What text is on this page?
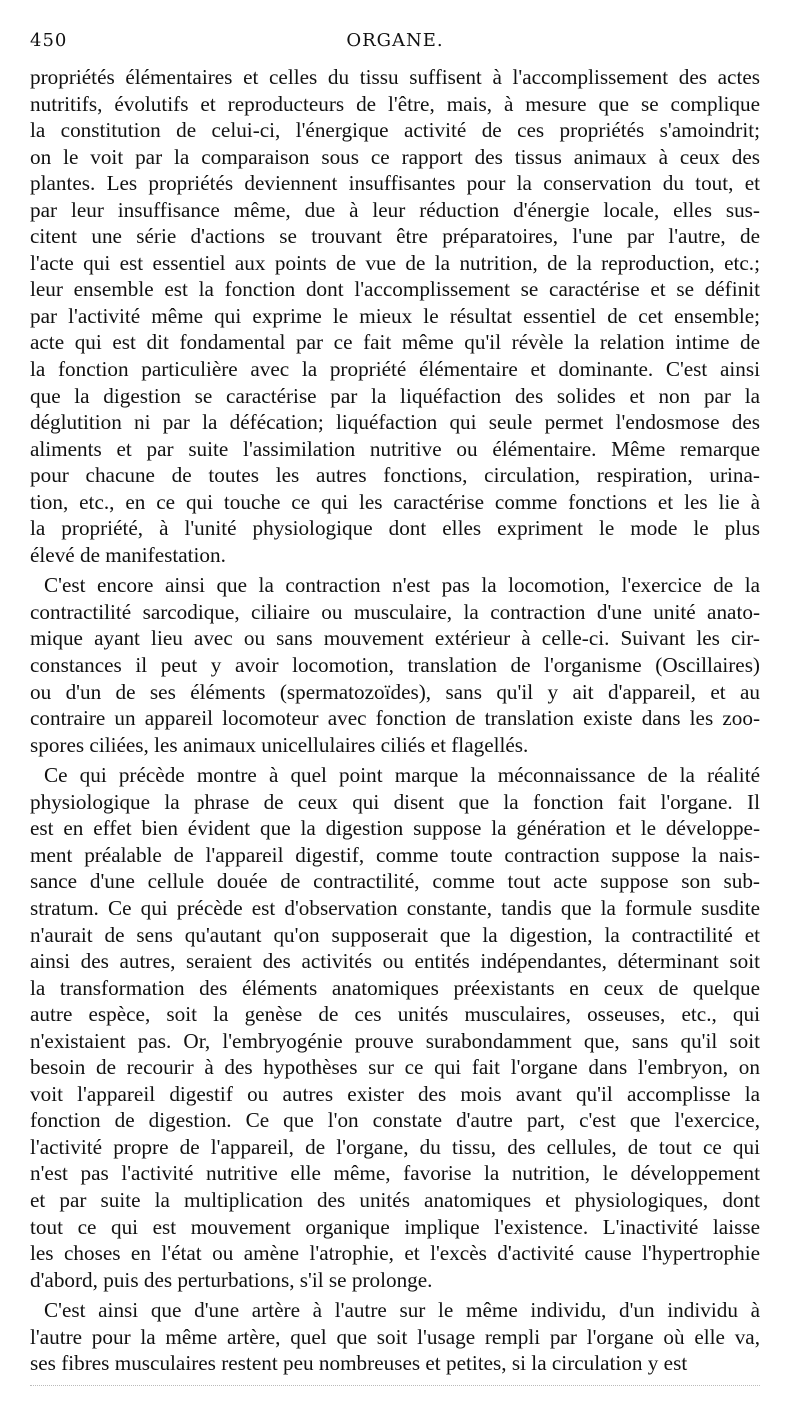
450	ORGANE.
propriétés élémentaires et celles du tissu suffisent à l'accomplissement des actes
nutritifs, évolutifs et reproducteurs de l'être, mais, à mesure que se complique
la constitution de celui-ci, l'énergique activité de ces propriétés s'amoindrit;
on le voit par la comparaison sous ce rapport des tissus animaux à ceux des
plantes. Les propriétés deviennent insuffisantes pour la conservation du tout, et
par leur insuffisance même, due à leur réduction d'énergie locale, elles sus-
citent une série d'actions se trouvant être préparatoires, l'une par l'autre, de
l'acte qui est essentiel aux points de vue de la nutrition, de la reproduction, etc.;
leur ensemble est la fonction dont l'accomplissement se caractérise et se définit
par l'activité même qui exprime le mieux le résultat essentiel de cet ensemble;
acte qui est dit fondamental par ce fait même qu'il révèle la relation intime de
la fonction particulière avec la propriété élémentaire et dominante. C'est ainsi
que la digestion se caractérise par la liquéfaction des solides et non par la
déglutition ni par la défécation; liquéfaction qui seule permet l'endosmose des
aliments et par suite l'assimilation nutritive ou élémentaire. Même remarque
pour chacune de toutes les autres fonctions, circulation, respiration, urina-
tion, etc., en ce qui touche ce qui les caractérise comme fonctions et les lie à
la propriété, à l'unité physiologique dont elles expriment le mode le plus
élevé de manifestation.
C'est encore ainsi que la contraction n'est pas la locomotion, l'exercice de la
contractilité sarcodique, ciliaire ou musculaire, la contraction d'une unité anato-
mique ayant lieu avec ou sans mouvement extérieur à celle-ci. Suivant les cir-
constances il peut y avoir locomotion, translation de l'organisme (Oscillaires)
ou d'un de ses éléments (spermatozoïdes), sans qu'il y ait d'appareil, et au
contraire un appareil locomoteur avec fonction de translation existe dans les zoo-
spores ciliées, les animaux unicellulaires ciliés et flagellés.
Ce qui précède montre à quel point marque la méconnaissance de la réalité
physiologique la phrase de ceux qui disent que la fonction fait l'organe. Il
est en effet bien évident que la digestion suppose la génération et le développe-
ment préalable de l'appareil digestif, comme toute contraction suppose la nais-
sance d'une cellule douée de contractilité, comme tout acte suppose son sub-
stratum. Ce qui précède est d'observation constante, tandis que la formule susdite
n'aurait de sens qu'autant qu'on supposerait que la digestion, la contractilité et
ainsi des autres, seraient des activités ou entités indépendantes, déterminant soit
la transformation des éléments anatomiques préexistants en ceux de quelque
autre espèce, soit la genèse de ces unités musculaires, osseuses, etc., qui
n'existaient pas. Or, l'embryogénie prouve surabondamment que, sans qu'il soit
besoin de recourir à des hypothèses sur ce qui fait l'organe dans l'embryon, on
voit l'appareil digestif ou autres exister des mois avant qu'il accomplisse la
fonction de digestion. Ce que l'on constate d'autre part, c'est que l'exercice,
l'activité propre de l'appareil, de l'organe, du tissu, des cellules, de tout ce qui
n'est pas l'activité nutritive elle même, favorise la nutrition, le développement
et par suite la multiplication des unités anatomiques et physiologiques, dont
tout ce qui est mouvement organique implique l'existence. L'inactivité laisse
les choses en l'état ou amène l'atrophie, et l'excès d'activité cause l'hypertrophie
d'abord, puis des perturbations, s'il se prolonge.
C'est ainsi que d'une artère à l'autre sur le même individu, d'un individu à
l'autre pour la même artère, quel que soit l'usage rempli par l'organe où elle va,
ses fibres musculaires restent peu nombreuses et petites, si la circulation y est
